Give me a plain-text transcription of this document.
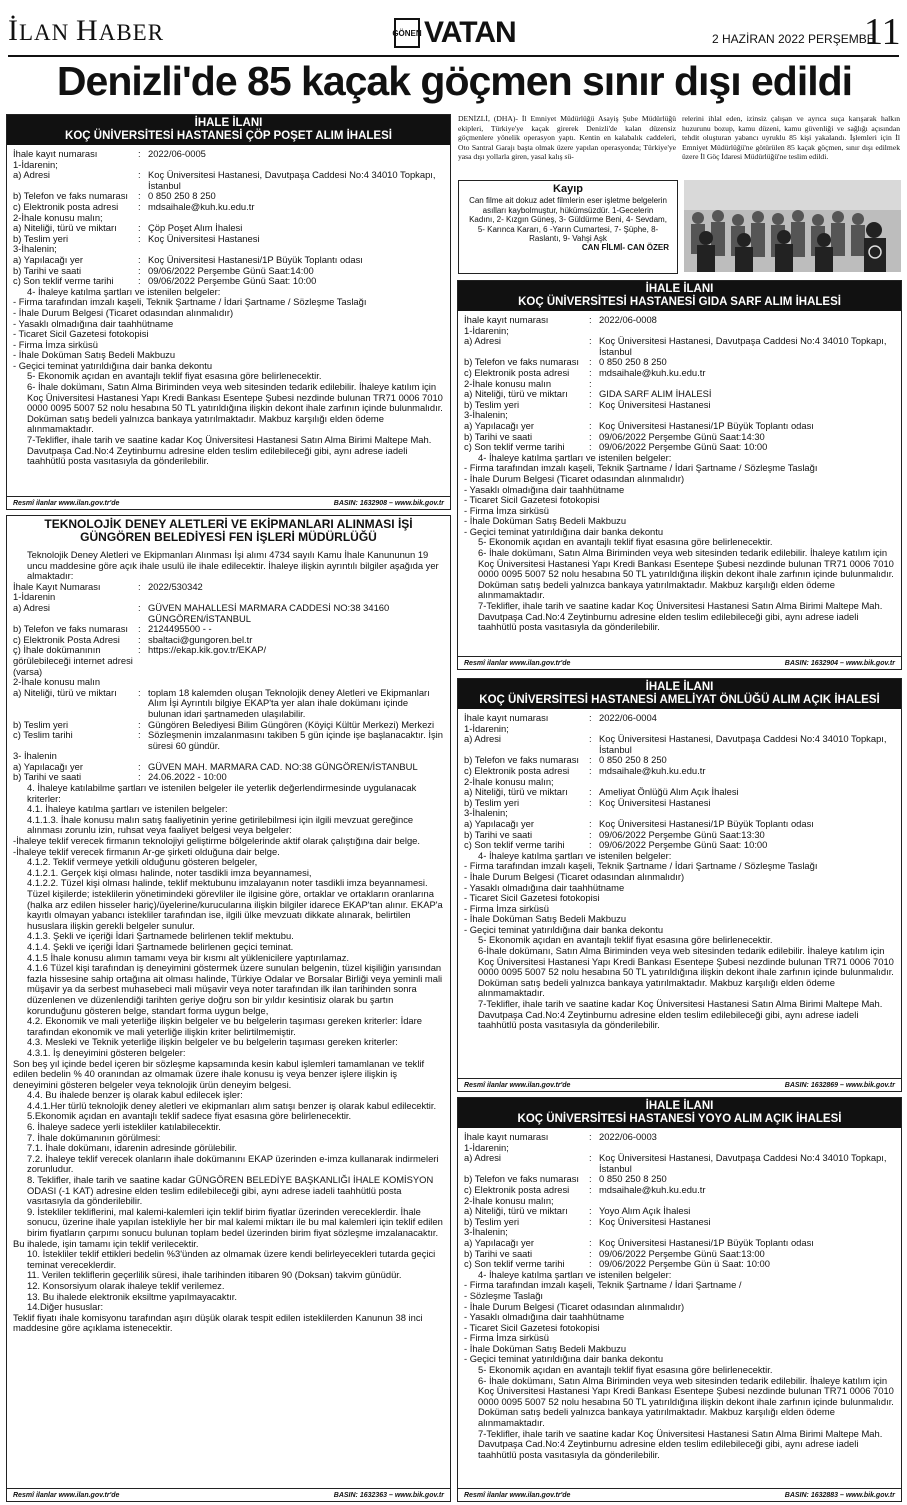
İLAN HABER	GÖNEN VATAN	2 HAZİRAN 2022 PERŞEMBE
11
Denizli'de 85 kaçak göçmen sınır dışı edildi
İHALE İLANI
KOÇ ÜNİVERSİTESİ HASTANESİ ÇÖP POŞET ALIM İHALESİ
İhale kayıt numarası	: 2022/06-0005
1-İdarenin;
a) Adresi	: Koç Üniversitesi Hastanesi, Davutpaşa Caddesi No:4 34010 Topkapı, İstanbul
b) Telefon ve faks numarası	: 0 850 250 8 250
c) Elektronik posta adresi	: mdsaihale@kuh.ku.edu.tr
2-İhale konusu malın;
a) Niteliği, türü ve miktarı	: Çöp Poşet Alım İhalesi
b) Teslim yeri	: Koç Üniversitesi Hastanesi
3-İhalenin;
a) Yapılacağı yer	: Koç Üniversitesi Hastanesi/1P Büyük Toplantı odası
b) Tarihi ve saati	: 09/06/2022 Perşembe Günü Saat:14:00
c) Son teklif verme tarihi	: 09/06/2022 Perşembe Günü Saat: 10:00
4- İhaleye katılma şartları ve istenilen belgeler:
- Firma tarafından imzalı kaşeli, Teknik Şartname / İdari Şartname / Sözleşme Taslağı
- İhale Durum Belgesi (Ticaret odasından alınmalıdır)
- Yasaklı olmadığına dair taahhütname
- Ticaret Sicil Gazetesi fotokopisi
- Firma İmza sirküsü
- İhale Doküman Satış Bedeli Makbuzu
- Geçici teminat yatırıldığına dair banka dekontu
5- Ekonomik açıdan en avantajlı teklif fiyat esasına göre belirlenecektir.
6- İhale dokümanı, Satın Alma Biriminden veya web sitesinden tedarik edilebilir. İhaleye katılım için Koç Üniversitesi Hastanesi Yapı Kredi Bankası Esentepe Şubesi nezdinde bulunan TR71 0006 7010 0000 0095 5007 52 nolu hesabına 50 TL yatırıldığına ilişkin dekont ihale zarfının içinde bulunmalıdır. Doküman satış bedeli yalnızca bankaya yatırılmaktadır. Makbuz karşılığı elden ödeme alınmamaktadır.
7-Teklifler, ihale tarih ve saatine kadar Koç Üniversitesi Hastanesi Satın Alma Birimi Maltepe Mah. Davutpaşa Cad.No:4 Zeytinburnu adresine elden teslim edilebileceği gibi, aynı adrese iadeli taahhütlü posta vasıtasıyla da gönderilebilir.
Resmî ilanlar www.ilan.gov.tr'de	BASIN: 1632908 – www.bik.gov.tr
TEKNOLOJİK DENEY ALETLERİ VE EKİPMANLARI ALINMASI İŞİ
GÜNGÖREN BELEDİYESİ FEN İŞLERİ MÜDÜRLÜĞÜ
Teknolojik Deney Aletleri ve Ekipmanları Alınması İşi alımı 4734 sayılı Kamu İhale Kanununun 19 uncu maddesine göre açık ihale usulü ile ihale edilecektir. İhaleye ilişkin ayrıntılı bilgiler aşağıda yer almaktadır:
İhale Kayıt Numarası	: 2022/530342
1-İdarenin
a) Adresi	: GÜVEN MAHALLESİ MARMARA CADDESİ NO:38 34160 GÜNGÖREN/İSTANBUL
b) Telefon ve faks numarası	: 2124495500 - -
c) Elektronik Posta Adresi	: sbaltaci@gungoren.bel.tr
ç) İhale dokümanının görülebileceği internet adresi (varsa)
: https://ekap.kik.gov.tr/EKAP/
2-İhale konusu malın
a) Niteliği, türü ve miktarı	: toplam 18 kalemden oluşan Teknolojik deney Aletleri ve Ekipmanları Alım İşi Ayrıntılı bilgiye EKAP'ta yer alan ihale dokümanı içinde bulunan idari şartnameden ulaşılabilir.
b) Teslim yeri	: Güngören Belediyesi Bilim Güngören (Köyiçi Kültür Merkezi) Merkezi
c) Teslim tarihi	: Sözleşmenin imzalanmasını takiben 5 gün içinde işe başlanacaktır. İşin süresi 60 gündür.
3- İhalenin
a) Yapılacağı yer	: GÜVEN MAH. MARMARA CAD. NO:38 GÜNGÖREN/İSTANBUL
b) Tarihi ve saati	: 24.06.2022 - 10:00
4. İhaleye katılabilme şartları ve istenilen belgeler ile yeterlik değerlendirmesinde uygulanacak kriterler:
4.1. İhaleye katılma şartları ve istenilen belgeler:
4.1.1.3. İhale konusu malın satış faaliyetinin yerine getirilebilmesi için ilgili mevzuat gereğince alınması zorunlu izin, ruhsat veya faaliyet belgesi veya belgeler:
-İhaleye teklif verecek firmanın teknolojiyi geliştirme bölgelerinde aktif olarak çalıştığına dair belge.
-İhaleye teklif verecek firmanın Ar-ge şirketi olduğuna dair belge.
4.1.2. Teklif vermeye yetkili olduğunu gösteren belgeler,
4.1.2.1. Gerçek kişi olması halinde, noter tasdikli imza beyannamesi,
4.1.2.2. Tüzel kişi olması halinde, teklif mektubunu imzalayanın noter tasdikli imza beyannamesi. Tüzel kişilerde; isteklilerin yönetimindeki görevliler ile ilgisine göre, ortaklar ve ortakların oranlarına (halka arz edilen hisseler hariç)/üyelerine/kurucularına ilişkin bilgiler idarece EKAP'tan alınır. EKAP'a kayıtlı olmayan yabancı istekliler tarafından ise, ilgili ülke mevzuatı dikkate alınarak, belirtilen hususlara ilişkin gerekli belgeler sunulur.
4.1.3. Şekli ve içeriği İdari Şartnamede belirlenen teklif mektubu.
4.1.4. Şekli ve içeriği İdari Şartnamede belirlenen geçici teminat.
4.1.5 İhale konusu alımın tamamı veya bir kısmı alt yüklenicilere yaptırılamaz.
4.1.6 Tüzel kişi tarafından iş deneyimini göstermek üzere sunulan belgenin, tüzel kişiliğin yarısından fazla hissesine sahip ortağına ait olması halinde, Türkiye Odalar ve Borsalar Birliği veya yeminli mali müşavir ya da serbest muhasebeci mali müşavir veya noter tarafından ilk ilan tarihinden sonra düzenlenen ve düzenlendiği tarihten geriye doğru son bir yıldır kesintisiz olarak bu şartın korunduğunu gösteren belge, standart forma uygun belge,
4.2. Ekonomik ve mali yeterliğe ilişkin belgeler ve bu belgelerin taşıması gereken kriterler: İdare tarafından ekonomik ve mali yeterliğe ilişkin kriter belirtilmemiştir.
4.3. Mesleki ve Teknik yeterliğe ilişkin belgeler ve bu belgelerin taşıması gereken kriterler:
4.3.1. İş deneyimini gösteren belgeler:
Son beş yıl içinde bedel içeren bir sözleşme kapsamında kesin kabul işlemleri tamamlanan ve teklif edilen bedelin % 40 oranından az olmamak üzere ihale konusu iş veya benzer işlere ilişkin iş deneyimini gösteren belgeler veya teknolojik ürün deneyim belgesi.
4.4. Bu ihalede benzer iş olarak kabul edilecek işler:
4.4.1.Her türlü teknolojik deney aletleri ve ekipmanları alım satışı benzer iş olarak kabul edilecektir.
5.Ekonomik açıdan en avantajlı teklif sadece fiyat esasına göre belirlenecektir.
6. İhaleye sadece yerli istekliler katılabilecektir.
7. İhale dokümanının görülmesi:
7.1. İhale dokümanı, idarenin adresinde görülebilir.
7.2. İhaleye teklif verecek olanların ihale dokümanını EKAP üzerinden e-imza kullanarak indirmeleri zorunludur.
8. Teklifler, ihale tarih ve saatine kadar GÜNGÖREN BELEDİYE BAŞKANLIĞI İHALE KOMİSYON ODASI (-1 KAT) adresine elden teslim edilebileceği gibi, aynı adrese iadeli taahhütlü posta vasıtasıyla da gönderilebilir.
9. İstekliler tekliflerini, mal kalemi-kalemleri için teklif birim fiyatlar üzerinden vereceklerdir. İhale sonucu, üzerine ihale yapılan istekliyle her bir mal kalemi miktarı ile bu mal kalemleri için teklif edilen birim fiyatların çarpımı sonucu bulunan toplam bedel üzerinden birim fiyat sözleşme imzalanacaktır.
Bu ihalede, işin tamamı için teklif verilecektir.
10. İstekliler teklif ettikleri bedelin %3'ünden az olmamak üzere kendi belirleyecekleri tutarda geçici teminat vereceklerdir.
11. Verilen tekliflerin geçerlilik süresi, ihale tarihinden itibaren 90 (Doksan) takvim günüdür.
12. Konsorsiyum olarak ihaleye teklif verilemez.
13. Bu ihalede elektronik eksiltme yapılmayacaktır.
14.Diğer hususlar:
Teklif fiyatı ihale komisyonu tarafından aşırı düşük olarak tespit edilen isteklilerden Kanunun 38 inci maddesine göre açıklama istenecektir.
Resmî ilanlar www.ilan.gov.tr'de	BASIN: 1632363 – www.bik.gov.tr

DENİZLİ, (DHA)- İl Emniyet Müdürlüğü Asayiş Şube Müdürlüğü ekipleri, Türkiye'ye kaçak girerek Denizli'de kalan düzensiz göçmenlere yönelik operasyon yaptı. Kentin en kalabalık caddeleri, Oto Santral Garajı başta olmak üzere yapılan operasyonda; Türkiye'ye yasa dışı yollarla giren, yasal kalış sü-

relerini ihlal eden, izinsiz çalışan ve ayrıca suça karışarak halkın huzurunu bozup, kamu düzeni, kamu güvenliği ve sağlığı açısından tehdit oluşturan yabancı uyruklu 85 kişi yakalandı. İşlemleri için İl Emniyet Müdürlüğü'ne götürülen 85 kaçak göçmen, sınır dışı edilmek üzere İl Göç İdaresi Müdürlüğü'ne teslim edildi.

Kayıp
Can filme ait dokuz adet filmlerin eser işletme belgelerin asılları kaybolmuştur, hükümsüzdür. 1-Gecelerin Kadını, 2- Kızgın Güneş, 3- Güldürme Beni, 4- Sevdam, 5- Karınca Kararı, 6 -Yarın Cumartesi, 7- Şüphe, 8- Raslantı, 9- Vahşi Aşk
CAN FİLMİ- CAN ÖZER
İHALE İLANI
KOÇ ÜNİVERSİTESİ HASTANESİ GIDA SARF ALIM İHALESİ
İhale kayıt numarası	: 2022/06-0008
1-İdarenin;
a) Adresi	: Koç Üniversitesi Hastanesi, Davutpaşa Caddesi No:4 34010 Topkapı, İstanbul
b) Telefon ve faks numarası	: 0 850 250 8 250
c) Elektronik posta adresi	: mdsaihale@kuh.ku.edu.tr
2-İhale konusu malın	:
a) Niteliği, türü ve miktarı	: GIDA SARF ALIM İHALESİ
b) Teslim yeri	: Koç Üniversitesi Hastanesi
3-İhalenin;
a) Yapılacağı yer	: Koç Üniversitesi Hastanesi/1P Büyük Toplantı odası
b) Tarihi ve saati	: 09/06/2022 Perşembe Günü Saat:14:30
c) Son teklif verme tarihi	: 09/06/2022 Perşembe Günü Saat: 10:00
4- İhaleye katılma şartları ve istenilen belgeler:
- Firma tarafından imzalı kaşeli, Teknik Şartname / İdari Şartname / Sözleşme Taslağı
- İhale Durum Belgesi (Ticaret odasından alınmalıdır)
- Yasaklı olmadığına dair taahhütname
- Ticaret Sicil Gazetesi fotokopisi
- Firma İmza sirküsü
- İhale Doküman Satış Bedeli Makbuzu
- Geçici teminat yatırıldığına dair banka dekontu
5- Ekonomik açıdan en avantajlı teklif fiyat esasına göre belirlenecektir.
6- İhale dokümanı, Satın Alma Biriminden veya web sitesinden tedarik edilebilir. İhaleye katılım için Koç Üniversitesi Hastanesi Yapı Kredi Bankası Esentepe Şubesi nezdinde bulunan TR71 0006 7010 0000 0095 5007 52 nolu hesabına 50 TL yatırıldığına ilişkin dekont ihale zarfının içinde bulunmalıdır. Doküman satış bedeli yalnızca bankaya yatırılmaktadır. Makbuz karşılığı elden ödeme alınmamaktadır.
7-Teklifler, ihale tarih ve saatine kadar Koç Üniversitesi Hastanesi Satın Alma Birimi Maltepe Mah. Davutpaşa Cad.No:4 Zeytinburnu adresine elden teslim edilebileceği gibi, aynı adrese iadeli taahhütlü posta vasıtasıyla da gönderilebilir.
Resmî ilanlar www.ilan.gov.tr'de	BASIN: 1632904 – www.bik.gov.tr
İHALE İLANI
KOÇ ÜNİVERSİTESİ HASTANESİ AMELİYAT ÖNLÜĞÜ ALIM AÇIK İHALESİ
İhale kayıt numarası	: 2022/06-0004
1-İdarenin;
a) Adresi	: Koç Üniversitesi Hastanesi, Davutpaşa Caddesi No:4 34010 Topkapı, İstanbul
b) Telefon ve faks numarası	: 0 850 250 8 250
c) Elektronik posta adresi	: mdsaihale@kuh.ku.edu.tr
2-İhale konusu malın;
a) Niteliği, türü ve miktarı	: Ameliyat Önlüğü Alım Açık İhalesi
b) Teslim yeri	: Koç Üniversitesi Hastanesi
3-İhalenin;
a) Yapılacağı yer	: Koç Üniversitesi Hastanesi/1P Büyük Toplantı odası
b) Tarihi ve saati	: 09/06/2022 Perşembe Günü Saat:13:30
c) Son teklif verme tarihi	: 09/06/2022 Perşembe Günü Saat: 10:00
4- İhaleye katılma şartları ve istenilen belgeler:
- Firma tarafından imzalı kaşeli, Teknik Şartname / İdari Şartname / Sözleşme Taslağı
- İhale Durum Belgesi (Ticaret odasından alınmalıdır)
- Yasaklı olmadığına dair taahhütname
- Ticaret Sicil Gazetesi fotokopisi
- Firma İmza sirküsü
- İhale Doküman Satış Bedeli Makbuzu
- Geçici teminat yatırıldığına dair banka dekontu
5- Ekonomik açıdan en avantajlı teklif fiyat esasına göre belirlenecektir.
6-İhale dokümanı, Satın Alma Biriminden veya web sitesinden tedarik edilebilir. İhaleye katılım için Koç Üniversitesi Hastanesi Yapı Kredi Bankası Esentepe Şubesi nezdinde bulunan TR71 0006 7010 0000 0095 5007 52 nolu hesabına 50 TL yatırıldığına ilişkin dekont ihale zarfının içinde bulunmalıdır. Doküman satış bedeli yalnızca bankaya yatırılmaktadır. Makbuz karşılığı elden ödeme alınmamaktadır.
7-Teklifler, ihale tarih ve saatine kadar Koç Üniversitesi Hastanesi Satın Alma Birimi Maltepe Mah. Davutpaşa Cad.No:4 Zeytinburnu adresine elden teslim edilebileceği gibi, aynı adrese iadeli taahhütlü posta vasıtasıyla da gönderilebilir.
Resmî ilanlar www.ilan.gov.tr'de	BASIN: 1632869 – www.bik.gov.tr
İHALE İLANI
KOÇ ÜNİVERSİTESİ HASTANESİ YOYO ALIM AÇIK İHALESİ
İhale kayıt numarası	: 2022/06-0003
1-İdarenin;
a) Adresi	: Koç Üniversitesi Hastanesi, Davutpaşa Caddesi No:4 34010 Topkapı, İstanbul
b) Telefon ve faks numarası	: 0 850 250 8 250
c) Elektronik posta adresi	: mdsaihale@kuh.ku.edu.tr
2-İhale konusu malın;
a) Niteliği, türü ve miktarı	: Yoyo Alım Açık İhalesi
b) Teslim yeri	: Koç Üniversitesi Hastanesi
3-İhalenin;
a) Yapılacağı yer	: Koç Üniversitesi Hastanesi/1P Büyük Toplantı odası
b) Tarihi ve saati	: 09/06/2022 Perşembe Günü Saat:13:00
c) Son teklif verme tarihi	: 09/06/2022 Perşembe Gün ü Saat: 10:00
4- İhaleye katılma şartları ve istenilen belgeler:
- Firma tarafından imzalı kaşeli, Teknik Şartname / İdari Şartname /
- Sözleşme Taslağı
- İhale Durum Belgesi (Ticaret odasından alınmalıdır)
- Yasaklı olmadığına dair taahhütname
- Ticaret Sicil Gazetesi fotokopisi
- Firma İmza sirküsü
- İhale Doküman Satış Bedeli Makbuzu
- Geçici teminat yatırıldığına dair banka dekontu
5- Ekonomik açıdan en avantajlı teklif fiyat esasına göre belirlenecektir.
6- İhale dokümanı, Satın Alma Biriminden veya web sitesinden tedarik edilebilir. İhaleye katılım için Koç Üniversitesi Hastanesi Yapı Kredi Bankası Esentepe Şubesi nezdinde bulunan TR71 0006 7010 0000 0095 5007 52 nolu hesabına 50 TL yatırıldığına ilişkin dekont ihale zarfının içinde bulunmalıdır. Doküman satış bedeli yalnızca bankaya yatırılmaktadır. Makbuz karşılığı elden ödeme alınmamaktadır.
7-Teklifler, ihale tarih ve saatine kadar Koç Üniversitesi Hastanesi Satın Alma Birimi Maltepe Mah. Davutpaşa Cad.No:4 Zeytinburnu adresine elden teslim edilebileceği gibi, aynı adrese iadeli taahhütlü posta vasıtasıyla da gönderilebilir.
Resmî ilanlar www.ilan.gov.tr'de	BASIN: 1632883 – www.bik.gov.tr
